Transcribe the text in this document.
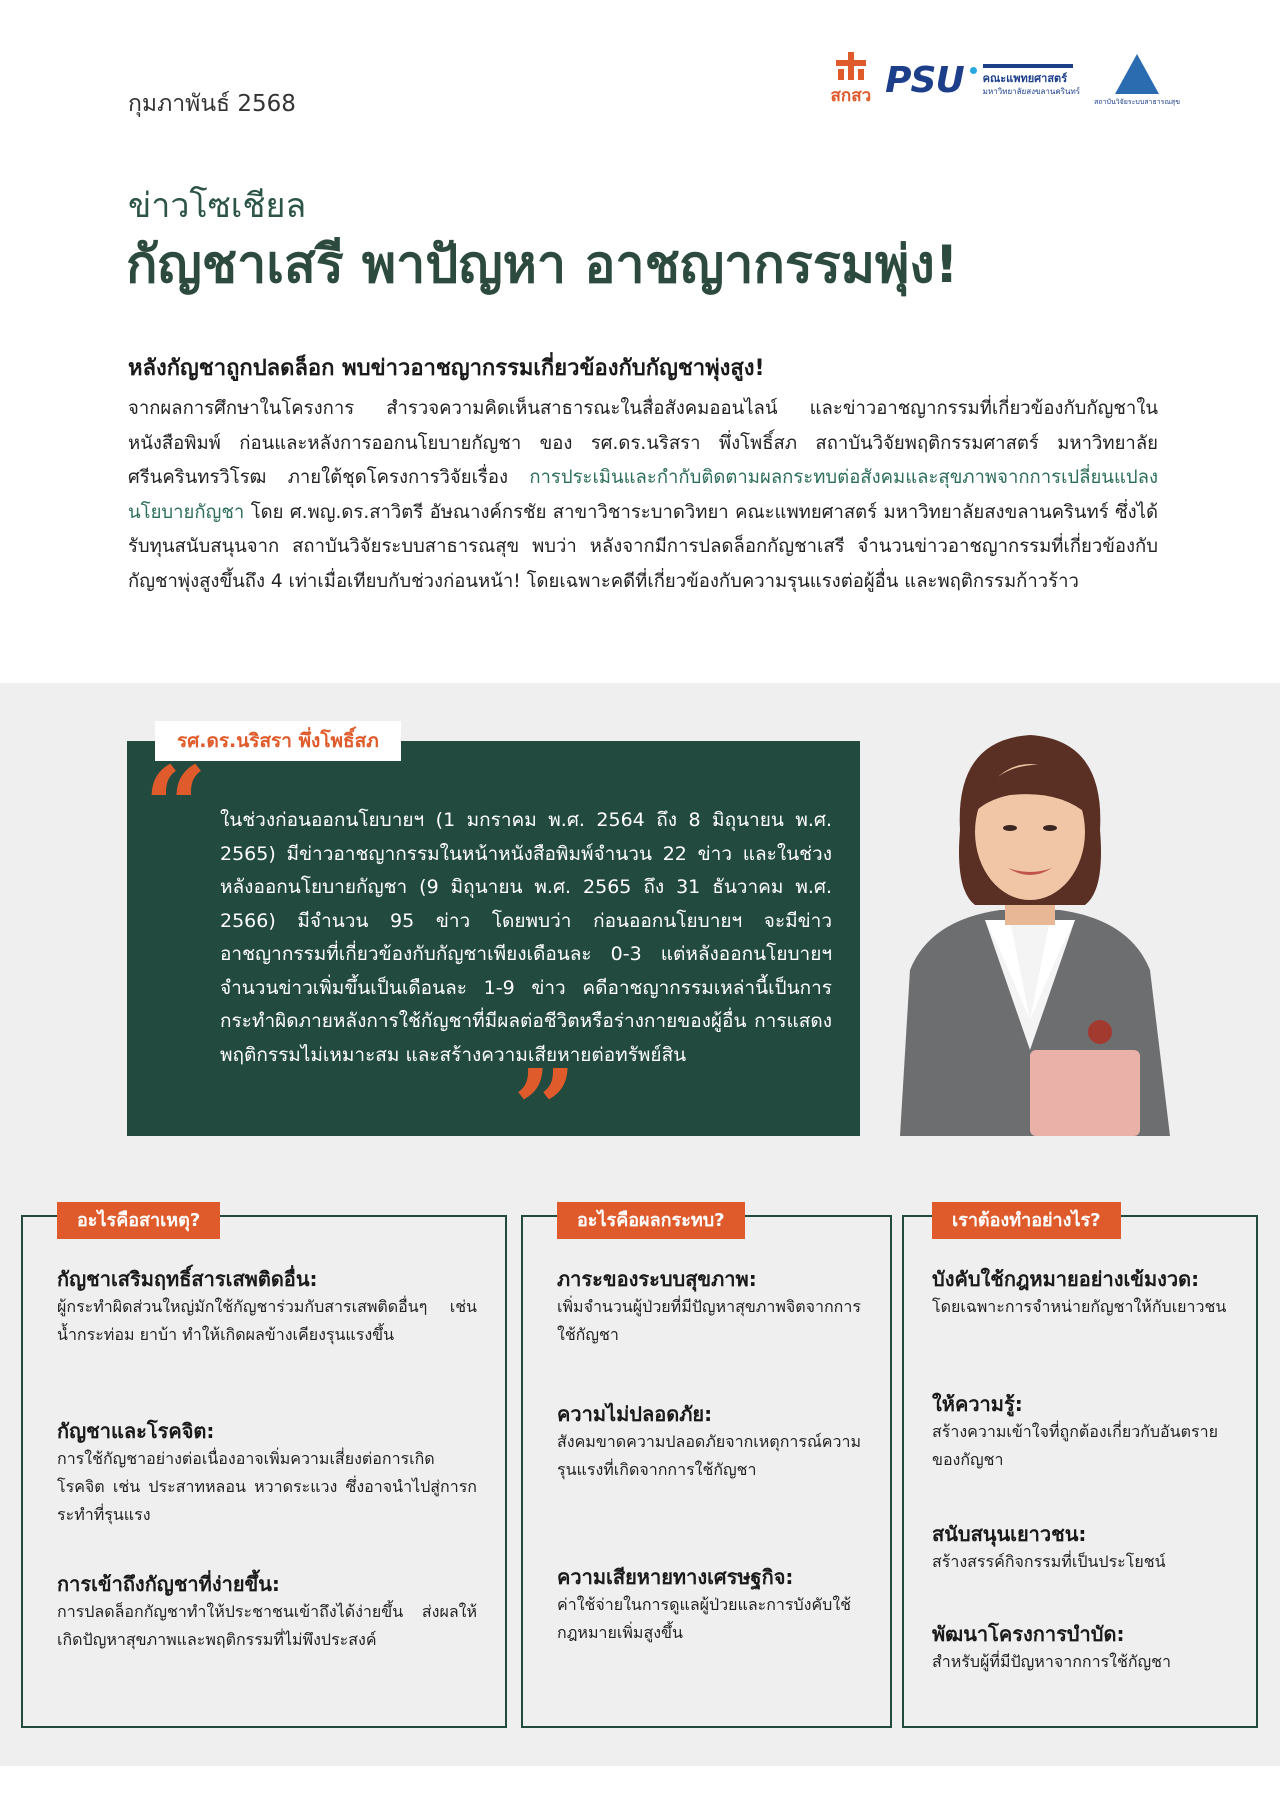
กุมภาพันธ์ 2568	สกสว PSU คณะแพทยศาสตร์
มหาวิทยาลัยสงขลานครินทร์
สถาบันวิจัยระบบสาธารณสุข
ข่าวโซเชียล
กัญชาเสรี พาปัญหา อาชญากรรมพุ่ง!
หลังกัญชาถูกปลดล็อก พบข่าวอาชญากรรมเกี่ยวข้องกับกัญชาพุ่งสูง!

จากผลการศึกษาในโครงการ สำรวจความคิดเห็นสาธารณะในสื่อสังคมออนไลน์ และข่าวอาชญากรรมที่เกี่ยวข้องกับกัญชาในหนังสือพิมพ์ ก่อนและหลังการออกนโยบายกัญชา ของ รศ.ดร.นริสรา พึ่งโพธิ์สภ สถาบันวิจัยพฤติกรรมศาสตร์ มหาวิทยาลัยศรีนครินทรวิโรฒ ภายใต้ชุดโครงการวิจัยเรื่อง การประเมินและกำกับติดตามผลกระทบต่อสังคมและสุขภาพจากการเปลี่ยนแปลงนโยบายกัญชา โดย ศ.พญ.ดร.สาวิตรี อัษณางค์กรชัย สาขาวิชาระบาดวิทยา คณะแพทยศาสตร์ มหาวิทยาลัยสงขลานครินทร์ ซึ่งได้รับทุนสนับสนุนจาก สถาบันวิจัยระบบสาธารณสุข พบว่า หลังจากมีการปลดล็อกกัญชาเสรี จำนวนข่าวอาชญากรรมที่เกี่ยวข้องกับกัญชาพุ่งสูงขึ้นถึง 4 เท่าเมื่อเทียบกับช่วงก่อนหน้า! โดยเฉพาะคดีที่เกี่ยวข้องกับความรุนแรงต่อผู้อื่น และพฤติกรรมก้าวร้าว

รศ.ดร.นริสรา พึ่งโพธิ์สภ
“ ในช่วงก่อนออกนโยบายฯ (1 มกราคม พ.ศ. 2564 ถึง 8 มิถุนายน พ.ศ. 2565) มีข่าวอาชญากรรมในหน้าหนังสือพิมพ์จำนวน 22 ข่าว และในช่วงหลังออกนโยบายกัญชา (9 มิถุนายน พ.ศ. 2565 ถึง 31 ธันวาคม พ.ศ. 2566) มีจำนวน 95 ข่าว โดยพบว่า ก่อนออกนโยบายฯ จะมีข่าวอาชญากรรมที่เกี่ยวข้องกับกัญชาเพียงเดือนละ 0-3 แต่หลังออกนโยบายฯ จำนวนข่าวเพิ่มขึ้นเป็นเดือนละ 1-9 ข่าว คดีอาชญากรรมเหล่านี้เป็นการกระทำผิดภายหลังการใช้กัญชาที่มีผลต่อชีวิตหรือร่างกายของผู้อื่น การแสดงพฤติกรรมไม่เหมาะสม และสร้างความเสียหายต่อทรัพย์สิน
”
อะไรคือสาเหตุ?

กัญชาเสริมฤทธิ์สารเสพติดอื่น:

ผู้กระทำผิดส่วนใหญ่มักใช้กัญชาร่วมกับสารเสพติดอื่นๆ เช่น น้ำกระท่อม ยาบ้า ทำให้เกิดผลข้างเคียงรุนแรงขึ้น

กัญชาและโรคจิต:

การใช้กัญชาอย่างต่อเนื่องอาจเพิ่มความเสี่ยงต่อการเกิดโรคจิต เช่น ประสาทหลอน หวาดระแวง ซึ่งอาจนำไปสู่การกระทำที่รุนแรง

การเข้าถึงกัญชาที่ง่ายขึ้น:

การปลดล็อกกัญชาทำให้ประชาชนเข้าถึงได้ง่ายขึ้น ส่งผลให้เกิดปัญหาสุขภาพและพฤติกรรมที่ไม่พึงประสงค์

อะไรคือผลกระทบ?

ภาระของระบบสุขภาพ:

เพิ่มจำนวนผู้ป่วยที่มีปัญหาสุขภาพจิตจากการใช้กัญชา

ความไม่ปลอดภัย:

สังคมขาดความปลอดภัยจากเหตุการณ์ความรุนแรงที่เกิดจากการใช้กัญชา

ความเสียหายทางเศรษฐกิจ:

ค่าใช้จ่ายในการดูแลผู้ป่วยและการบังคับใช้กฎหมายเพิ่มสูงขึ้น

เราต้องทำอย่างไร?

บังคับใช้กฎหมายอย่างเข้มงวด:

โดยเฉพาะการจำหน่ายกัญชาให้กับเยาวชน

ให้ความรู้:

สร้างความเข้าใจที่ถูกต้องเกี่ยวกับอันตรายของกัญชา

สนับสนุนเยาวชน:

สร้างสรรค์กิจกรรมที่เป็นประโยชน์

พัฒนาโครงการบำบัด:

สำหรับผู้ที่มีปัญหาจากการใช้กัญชา
